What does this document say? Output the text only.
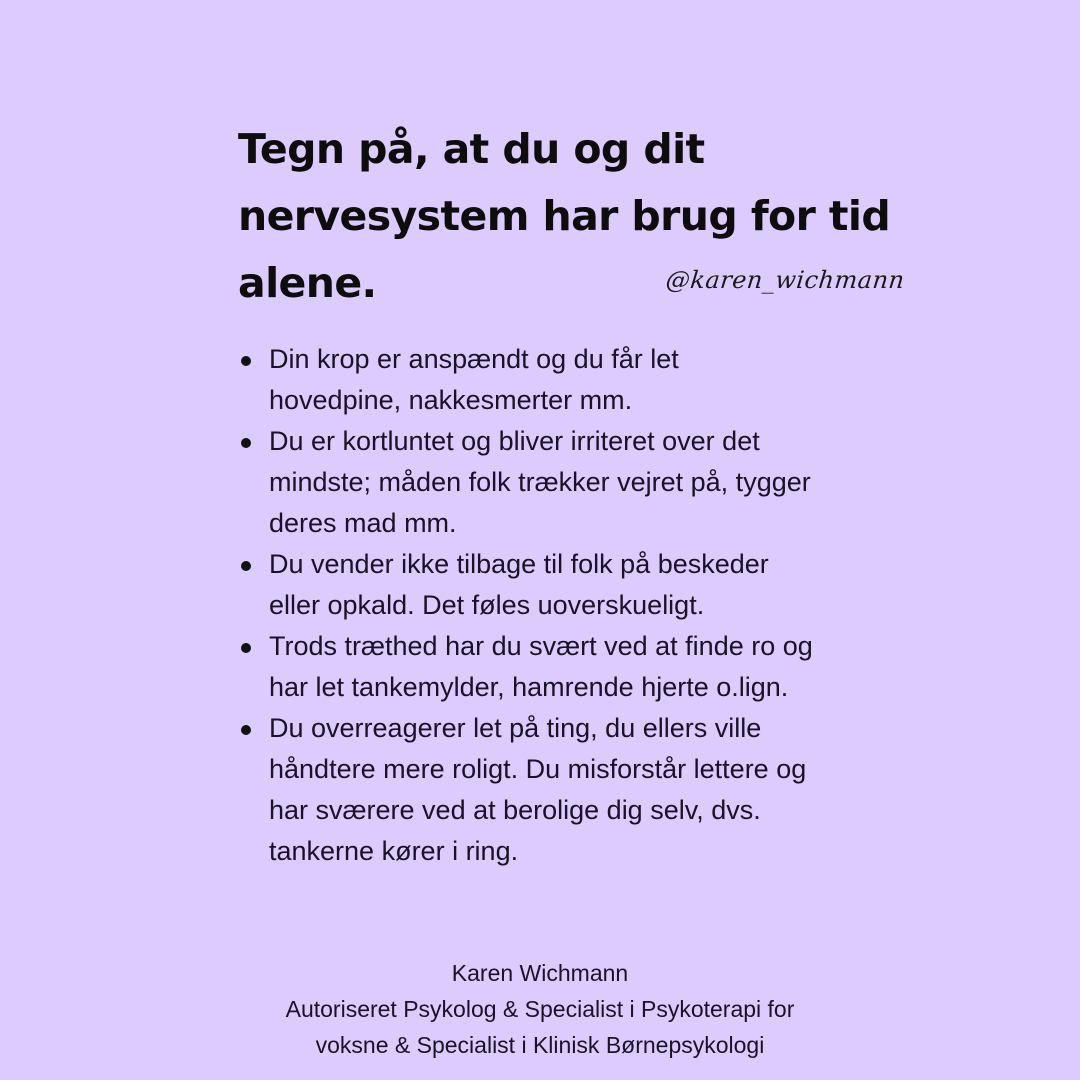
Tegn på, at du og dit
nervesystem har brug for tid
alene.	@karen_wichmann
Din krop er anspændt og du får let
hovedpine, nakkesmerter mm.
Du er kortluntet og bliver irriteret over det
mindste; måden folk trækker vejret på, tygger
deres mad mm.
Du vender ikke tilbage til folk på beskeder
eller opkald. Det føles uoverskueligt.
Trods træthed har du svært ved at finde ro og
har let tankemylder, hamrende hjerte o.lign.
Du overreagerer let på ting, du ellers ville
håndtere mere roligt. Du misforstår lettere og
har sværere ved at berolige dig selv, dvs.
tankerne kører i ring.
Karen Wichmann
Autoriseret Psykolog & Specialist i Psykoterapi for
voksne & Specialist i Klinisk Børnepsykologi
